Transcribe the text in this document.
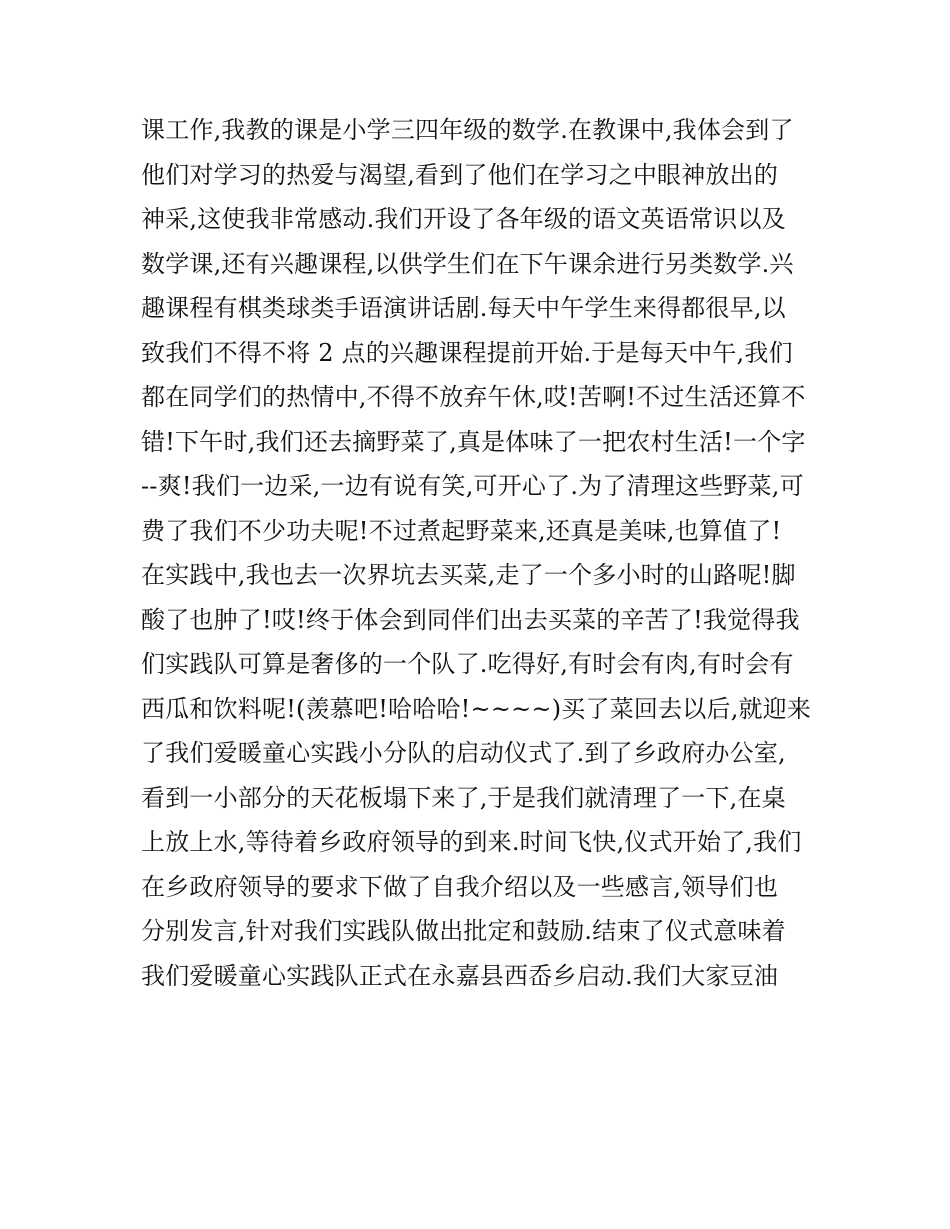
课工作,我教的课是小学三四年级的数学.在教课中,我体会到了
他们对学习的热爱与渴望,看到了他们在学习之中眼神放出的
神采,这使我非常感动.我们开设了各年级的语文英语常识以及
数学课,还有兴趣课程,以供学生们在下午课余进行另类数学.兴
趣课程有棋类球类手语演讲话剧.每天中午学生来得都很早,以
致我们不得不将 2 点的兴趣课程提前开始.于是每天中午,我们
都在同学们的热情中,不得不放弃午休,哎!苦啊!不过生活还算不
错!下午时,我们还去摘野菜了,真是体味了一把农村生活!一个字
--爽!我们一边采,一边有说有笑,可开心了.为了清理这些野菜,可
费了我们不少功夫呢!不过煮起野菜来,还真是美味,也算值了!
在实践中,我也去一次界坑去买菜,走了一个多小时的山路呢!脚
酸了也肿了!哎!终于体会到同伴们出去买菜的辛苦了!我觉得我
们实践队可算是奢侈的一个队了.吃得好,有时会有肉,有时会有
西瓜和饮料呢!(羡慕吧!哈哈哈!~~~~)买了菜回去以后,就迎来
了我们爱暖童心实践小分队的启动仪式了.到了乡政府办公室,
看到一小部分的天花板塌下来了,于是我们就清理了一下,在桌
上放上水,等待着乡政府领导的到来.时间飞快,仪式开始了,我们
在乡政府领导的要求下做了自我介绍以及一些感言,领导们也
分别发言,针对我们实践队做出批定和鼓励.结束了仪式意味着
我们爱暖童心实践队正式在永嘉县西岙乡启动.我们大家豆油
